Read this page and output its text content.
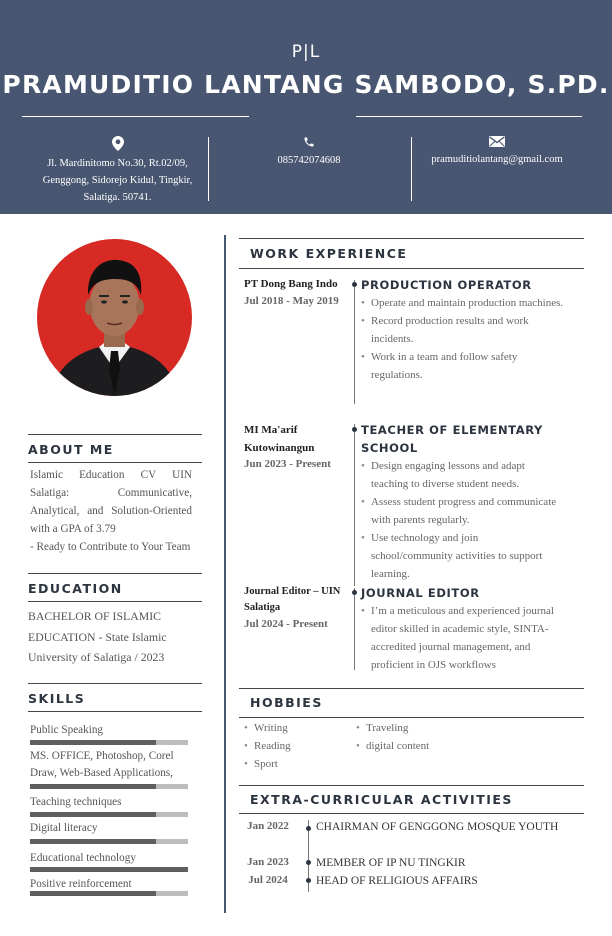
P|L
PRAMUDITIO LANTANG SAMBODO, S.PD.
Jl. Mardinitomo No.30, Rt.02/09, Genggong, Sidorejo Kidul, Tingkir, Salatiga. 50741.
085742074608	pramuditiolantang@gmail.com
ABOUT ME
Islamic Education CV UIN Salatiga: Communicative, Analytical, and Solution-Oriented with a GPA of 3.79
- Ready to Contribute to Your Team
EDUCATION
BACHELOR OF ISLAMIC EDUCATION - State Islamic University of Salatiga / 2023
SKILLS
Public Speaking
MS. OFFICE, Photoshop, Corel Draw, Web-Based Applications,
Teaching techniques
Digital literacy
Educational technology
Positive reinforcement
WORK EXPERIENCE
PT Dong Bang Indo
Jul 2018 - May 2019
PRODUCTION OPERATOR
• Operate and maintain production machines.
• Record production results and work incidents.
• Work in a team and follow safety regulations.
MI Ma'arif Kutowinangun
Jun 2023 - Present
TEACHER OF ELEMENTARY SCHOOL
• Design engaging lessons and adapt teaching to diverse student needs.
• Assess student progress and communicate with parents regularly.
• Use technology and join school/community activities to support learning.
Journal Editor – UIN Salatiga
Jul 2024 - Present
JOURNAL EDITOR
• I’m a meticulous and experienced journal editor skilled in academic style, SINTA-accredited journal management, and proficient in OJS workflows
HOBBIES
• Writing
• Reading
• Sport
• Traveling
• digital content
EXTRA-CURRICULAR ACTIVITIES
Jan 2022 CHAIRMAN OF GENGGONG MOSQUE YOUTH
Jan 2023 MEMBER OF IP NU TINGKIR
Jul 2024	HEAD OF RELIGIOUS AFFAIRS
